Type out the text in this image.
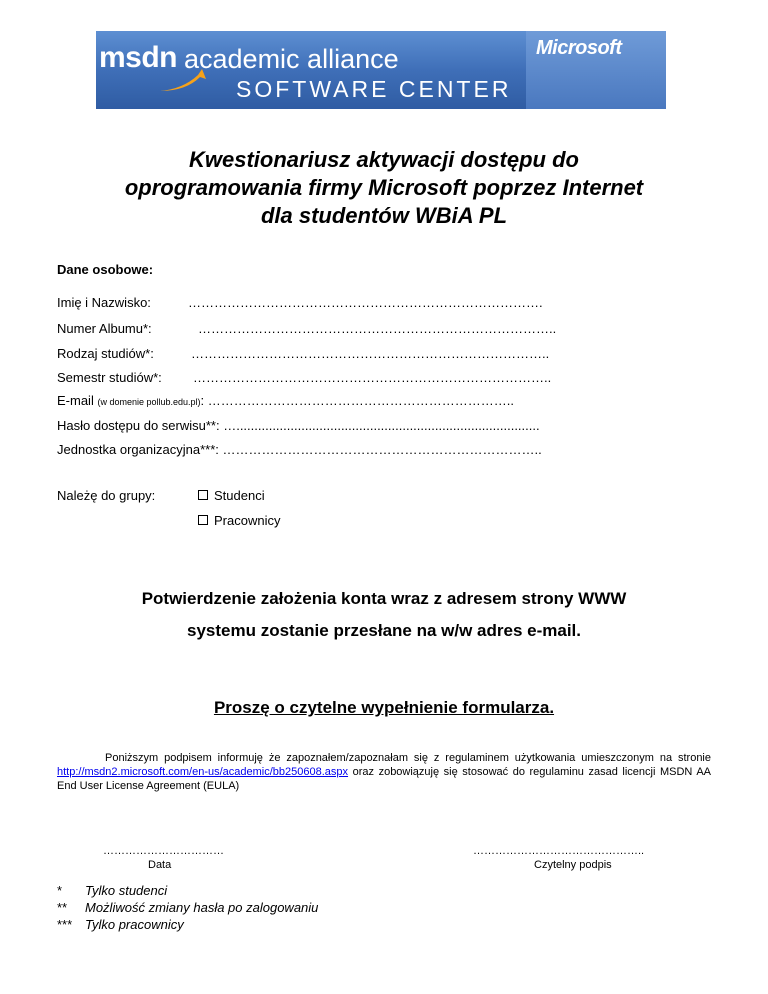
msdn academic alliance
SOFTWARE CENTER
Microsoft
Kwestionariusz aktywacji dostępu do
oprogramowania firmy Microsoft poprzez Internet
dla studentów WBiA PL
Dane osobowe:
Imię i Nazwisko:	……………………………………………………………………….
Numer Albumu*:	………………………………………………………………………..
Rodzaj studiów*:	………………………………………………………………………..
Semestr studiów*: ………………………………………………………………………..
E-mail (w domenie pollub.edu.pl): ……………………………………………………………..
Hasło dostępu do serwisu**: …....................................................................................
Jednostka organizacyjna***: ………………………………………………………………..
Należę do grupy:	Studenci
Pracownicy
Potwierdzenie założenia konta wraz z adresem strony WWW
systemu zostanie przesłane na w/w adres e-mail.
Proszę o czytelne wypełnienie formularza.
Poniższym podpisem informuję że zapoznałem/zapoznałam się z regulaminem użytkowania umieszczonym na stronie http://msdn2.microsoft.com/en-us/academic/bb250608.aspx oraz zobowiązuję się stosować do regulaminu zasad licencji MSDN AA End User License Agreement (EULA)
……………………………
Data
………………………………………..
Czytelny podpis
* Tylko studenci
** Możliwość zmiany hasła po zalogowaniu
*** Tylko pracownicy
